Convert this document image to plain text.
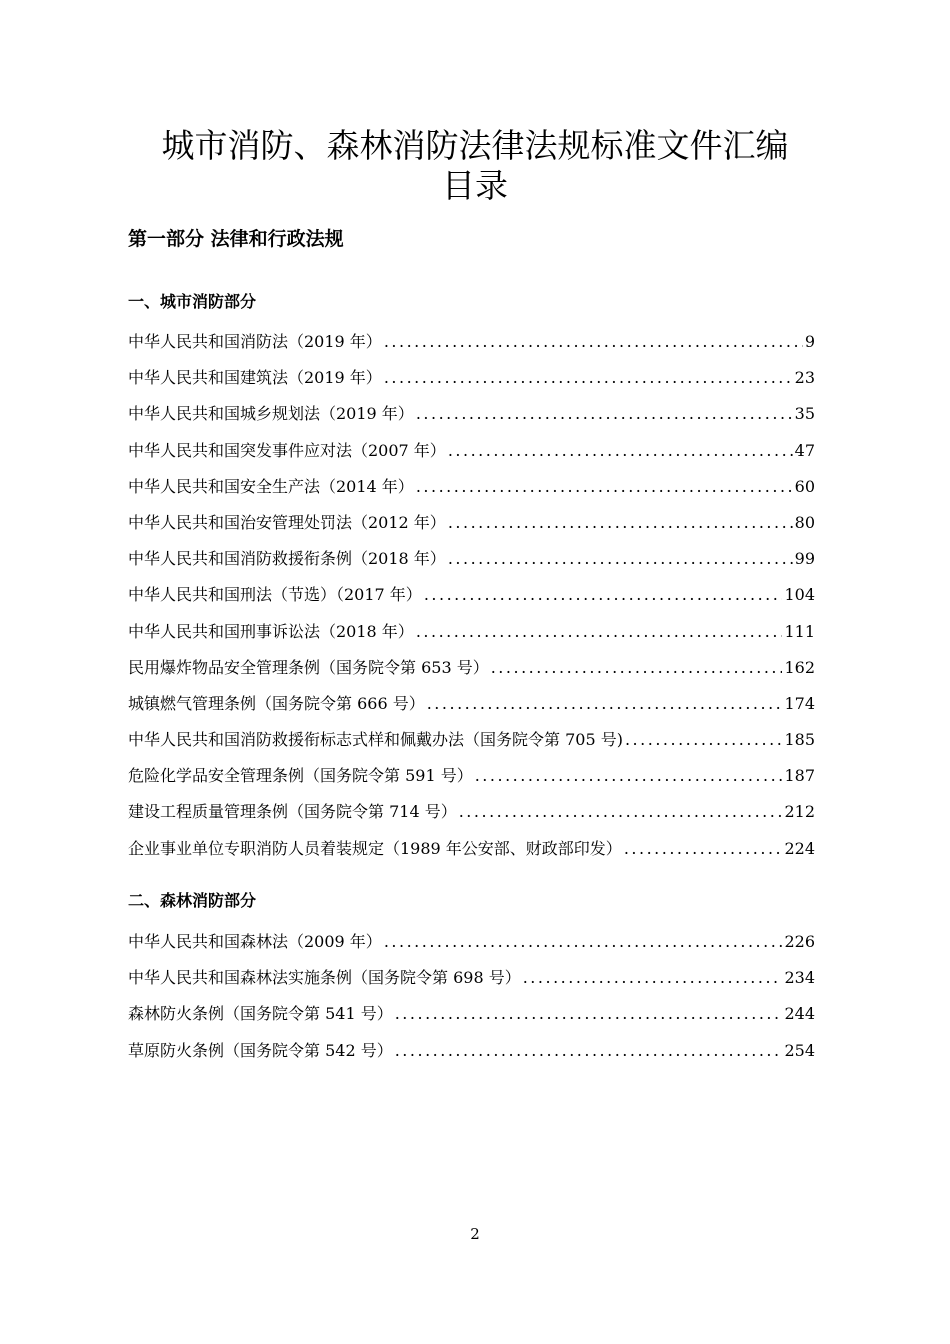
城市消防、森林消防法律法规标准文件汇编
目录
第一部分 法律和行政法规
一、城市消防部分
中华人民共和国消防法（2019 年） .....	9
中华人民共和国建筑法（2019 年） .....	23
中华人民共和国城乡规划法（2019 年） .....	35
中华人民共和国突发事件应对法（2007 年） .....	47
中华人民共和国安全生产法（2014 年） .....	60
中华人民共和国治安管理处罚法（2012 年） .....	80
中华人民共和国消防救援衔条例（2018 年） .....	99
中华人民共和国刑法（节选）（2017 年） .....	104
中华人民共和国刑事诉讼法（2018 年） .....	111
民用爆炸物品安全管理条例（国务院令第 653 号） .....	162
城镇燃气管理条例（国务院令第 666 号） .....	174
中华人民共和国消防救援衔标志式样和佩戴办法（国务院令第 705 号) .....	185
危险化学品安全管理条例（国务院令第 591 号） .....	187
建设工程质量管理条例（国务院令第 714 号） .....	212
企业事业单位专职消防人员着装规定（1989 年公安部、财政部印发） .....	224
二、森林消防部分
中华人民共和国森林法（2009 年） .....	226
中华人民共和国森林法实施条例（国务院令第 698 号） .....	234
森林防火条例（国务院令第 541 号） .....	244
草原防火条例（国务院令第 542 号） .....	254
2
